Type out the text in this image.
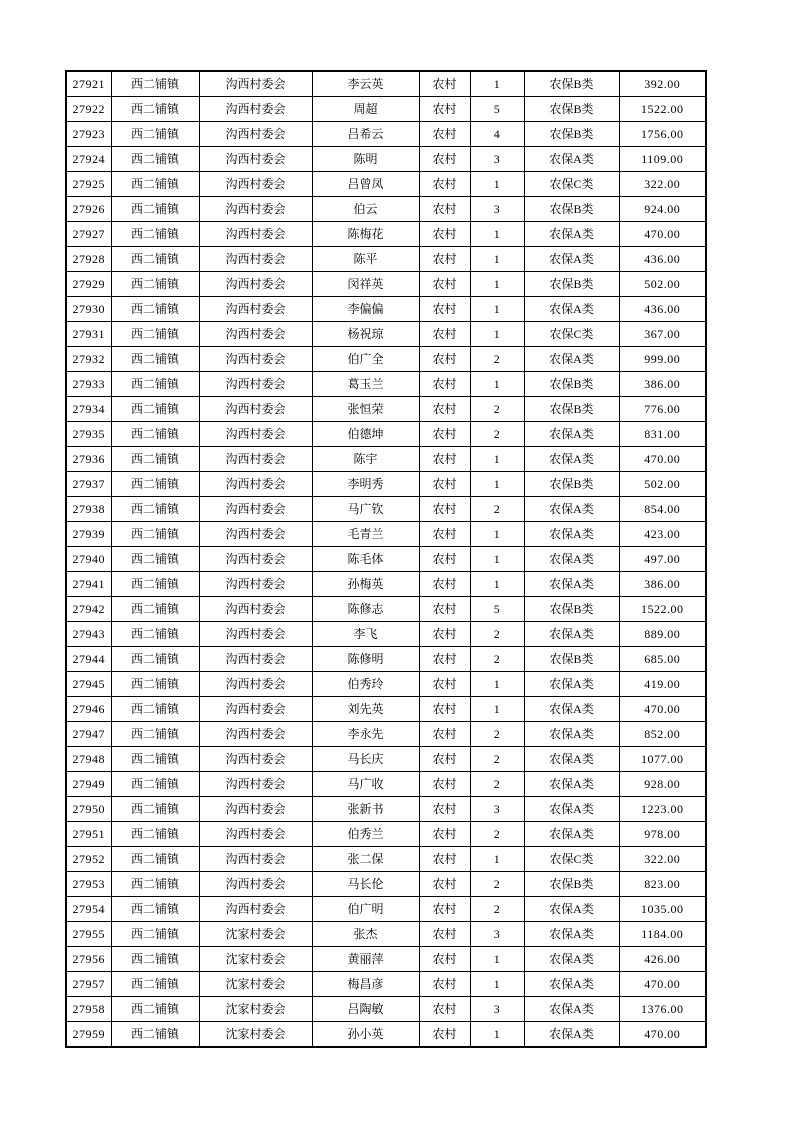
27921	西二铺镇	沟西村委会	李云英	农村	1	农保B类	392.00
27922	西二铺镇	沟西村委会	周超	农村	5	农保B类	1522.00
27923	西二铺镇	沟西村委会	吕希云	农村	4	农保B类	1756.00
27924	西二铺镇	沟西村委会	陈明	农村	3	农保A类	1109.00
27925	西二铺镇	沟西村委会	吕曾凤	农村	1	农保C类	322.00
27926	西二铺镇	沟西村委会	伯云	农村	3	农保B类	924.00
27927	西二铺镇	沟西村委会	陈梅花	农村	1	农保A类	470.00
27928	西二铺镇	沟西村委会	陈平	农村	1	农保A类	436.00
27929	西二铺镇	沟西村委会	闵祥英	农村	1	农保B类	502.00
27930	西二铺镇	沟西村委会	李偏偏	农村	1	农保A类	436.00
27931	西二铺镇	沟西村委会	杨祝琼	农村	1	农保C类	367.00
27932	西二铺镇	沟西村委会	伯广全	农村	2	农保A类	999.00
27933	西二铺镇	沟西村委会	葛玉兰	农村	1	农保B类	386.00
27934	西二铺镇	沟西村委会	张恒荣	农村	2	农保B类	776.00
27935	西二铺镇	沟西村委会	伯德坤	农村	2	农保A类	831.00
27936	西二铺镇	沟西村委会	陈宇	农村	1	农保A类	470.00
27937	西二铺镇	沟西村委会	李明秀	农村	1	农保B类	502.00
27938	西二铺镇	沟西村委会	马广钦	农村	2	农保A类	854.00
27939	西二铺镇	沟西村委会	毛青兰	农村	1	农保A类	423.00
27940	西二铺镇	沟西村委会	陈毛体	农村	1	农保A类	497.00
27941	西二铺镇	沟西村委会	孙梅英	农村	1	农保A类	386.00
27942	西二铺镇	沟西村委会	陈修志	农村	5	农保B类	1522.00
27943	西二铺镇	沟西村委会	李飞	农村	2	农保A类	889.00
27944	西二铺镇	沟西村委会	陈修明	农村	2	农保B类	685.00
27945	西二铺镇	沟西村委会	伯秀玲	农村	1	农保A类	419.00
27946	西二铺镇	沟西村委会	刘先英	农村	1	农保A类	470.00
27947	西二铺镇	沟西村委会	李永先	农村	2	农保A类	852.00
27948	西二铺镇	沟西村委会	马长庆	农村	2	农保A类	1077.00
27949	西二铺镇	沟西村委会	马广收	农村	2	农保A类	928.00
27950	西二铺镇	沟西村委会	张新书	农村	3	农保A类	1223.00
27951	西二铺镇	沟西村委会	伯秀兰	农村	2	农保A类	978.00
27952	西二铺镇	沟西村委会	张二保	农村	1	农保C类	322.00
27953	西二铺镇	沟西村委会	马长伦	农村	2	农保B类	823.00
27954	西二铺镇	沟西村委会	伯广明	农村	2	农保A类	1035.00
27955	西二铺镇	沈家村委会	张杰	农村	3	农保A类	1184.00
27956	西二铺镇	沈家村委会	黄丽萍	农村	1	农保A类	426.00
27957	西二铺镇	沈家村委会	梅昌彦	农村	1	农保A类	470.00
27958	西二铺镇	沈家村委会	吕陶敏	农村	3	农保A类	1376.00
27959	西二铺镇	沈家村委会	孙小英	农村	1	农保A类	470.00
